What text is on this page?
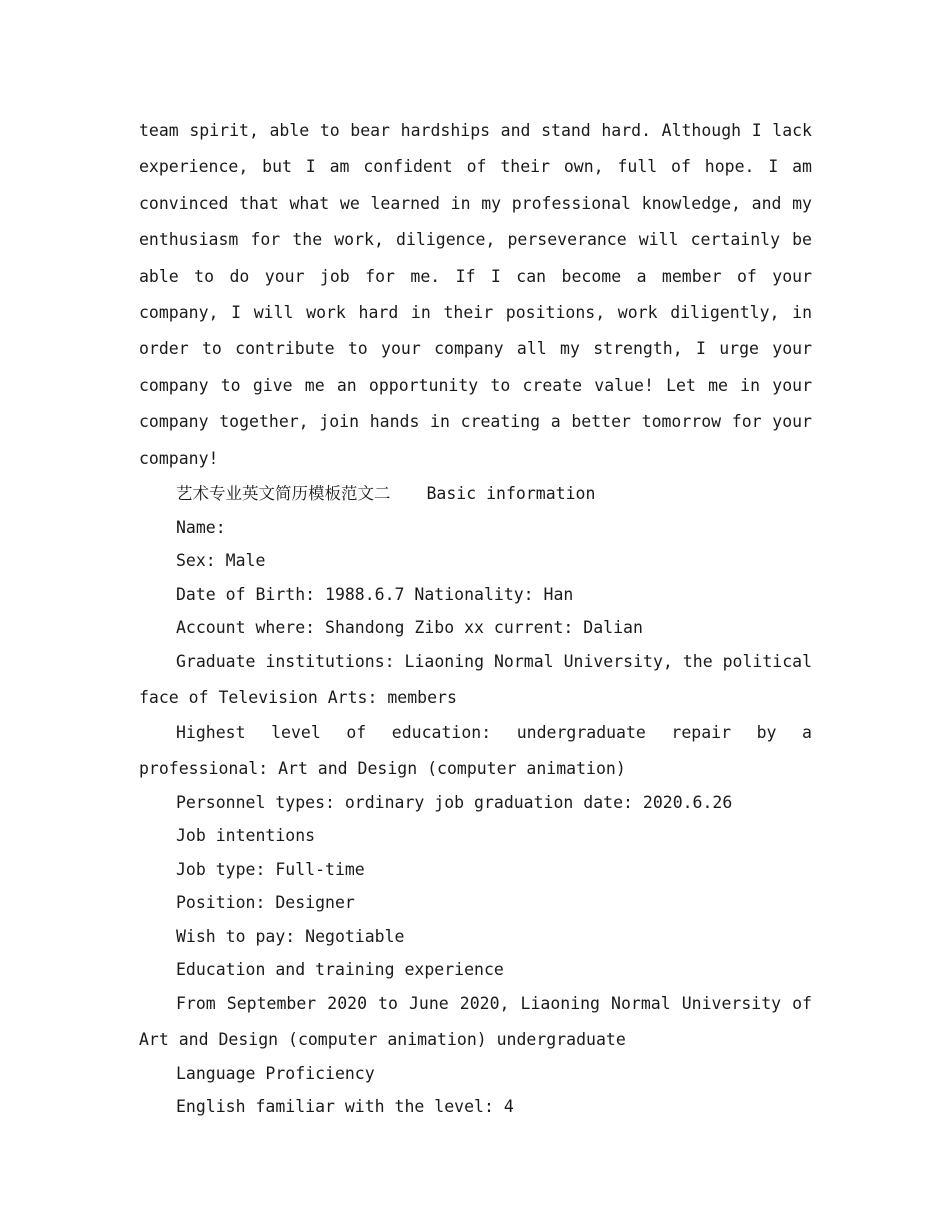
team spirit, able to bear hardships and stand hard. Although I lack experience, but I am confident of their own, full of hope. I am convinced that what we learned in my professional knowledge, and my enthusiasm for the work, diligence, perseverance will certainly be able to do your job for me. If I can become a member of your company, I will work hard in their positions, work diligently, in order to contribute to your company all my strength, I urge your company to give me an opportunity to create value! Let me in your company together, join hands in creating a better tomorrow for your company!

艺术专业英文简历模板范文二 Basic information
Name:
Sex: Male
Date of Birth: 1988.6.7 Nationality: Han
Account where: Shandong Zibo xx current: Dalian

Graduate institutions: Liaoning Normal University, the political face of Television Arts: members

Highest level of education: undergraduate repair by a professional: Art and Design (computer animation)

Personnel types: ordinary job graduation date: 2020.6.26
Job intentions
Job type: Full-time
Position: Designer
Wish to pay: Negotiable
Education and training experience

From September 2020 to June 2020, Liaoning Normal University of Art and Design (computer animation) undergraduate

Language Proficiency
English familiar with the level: 4
